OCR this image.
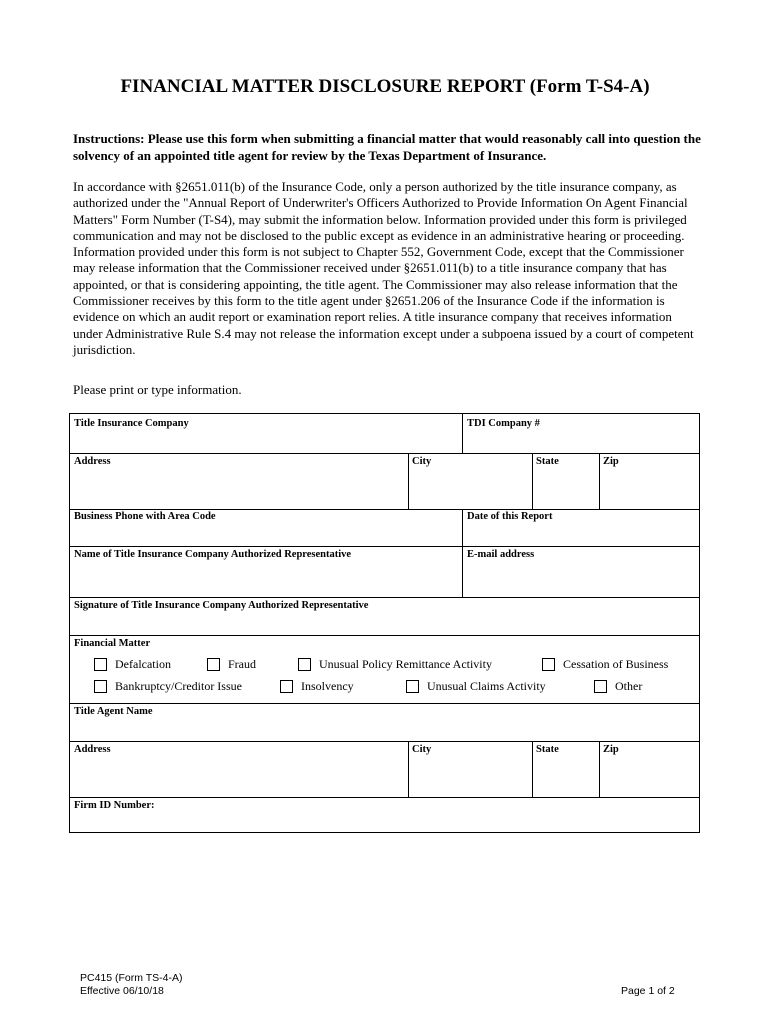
FINANCIAL MATTER DISCLOSURE REPORT (Form T-S4-A)
Instructions: Please use this form when submitting a financial matter that would reasonably call into question the solvency of an appointed title agent for review by the Texas Department of Insurance.
In accordance with §2651.011(b) of the Insurance Code, only a person authorized by the title insurance company, as authorized under the "Annual Report of Underwriter's Officers Authorized to Provide Information On Agent Financial Matters" Form Number (T-S4), may submit the information below. Information provided under this form is privileged communication and may not be disclosed to the public except as evidence in an administrative hearing or proceeding. Information provided under this form is not subject to Chapter 552, Government Code, except that the Commissioner may release information that the Commissioner received under §2651.011(b) to a title insurance company that has appointed, or that is considering appointing, the title agent. The Commissioner may also release information that the Commissioner receives by this form to the title agent under §2651.206 of the Insurance Code if the information is evidence on which an audit report or examination report relies. A title insurance company that receives information under Administrative Rule S.4 may not release the information except under a subpoena issued by a court of competent jurisdiction.
Please print or type information.
Title Insurance Company	TDI Company #
Address	City	State	Zip
Business Phone with Area Code	Date of this Report
Name of Title Insurance Company Authorized Representative	E-mail address
Signature of Title Insurance Company Authorized Representative
Financial Matter
Defalcation	Fraud	Unusual Policy Remittance Activity	Cessation of Business
Bankruptcy/Creditor Issue	Insolvency	Unusual Claims Activity	Other
Title Agent Name
Address	City	State	Zip
Firm ID Number:
PC415 (Form TS-4-A)
Effective 06/10/18	Page 1 of 2
